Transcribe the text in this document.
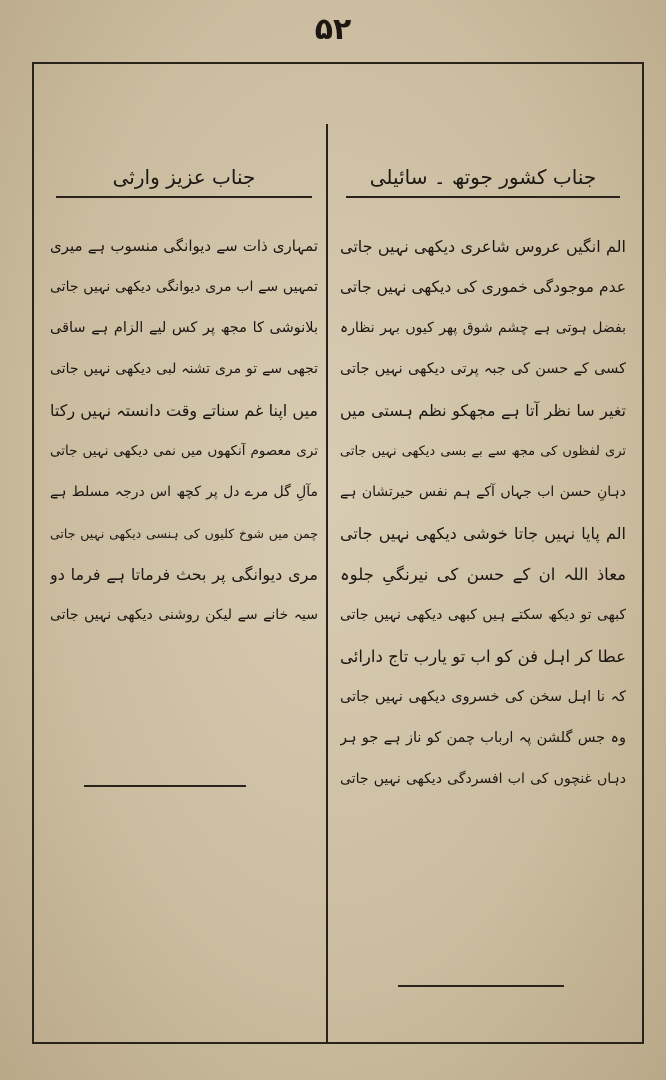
۵۲
جناب کشور جوتھ ۔ سائیلی
الم انگیں عروس شاعری دیکھی نہیں جاتی
عدم موجودگی خموری کی دیکھی نہیں جاتی
بفضل ہوتی ہے چشم شوق پھر کیوں بہر نظارہ
کسی کے حسن کی جبہ پرتی دیکھی نہیں جاتی
تغیر سا نظر آتا ہے مجھکو نظم ہستی میں
تری لفظوں کی مجھ سے بے بسی دیکھی نہیں جاتی
دہانِ حسن اب جہاں آکے ہم نفس حیرتشان ہے
الم پایا نہیں جاتا خوشی دیکھی نہیں جاتی
معاذ اللہ ان کے حسن کی نیرنگیِ جلوہ
کبھی تو دیکھ سکتے ہیں کبھی دیکھی نہیں جاتی
عطا کر اہل فن کو اب تو یارب تاج دارائی
کہ نا اہل سخن کی خسروی دیکھی نہیں جاتی
وہ جس گلشن پہ ارباب چمن کو ناز ہے جو ہر
دہاں غنچوں کی اب افسردگی دیکھی نہیں جاتی
جناب عزیز وارثی
تمہاری ذات سے دیوانگی منسوب ہے میری
تمہیں سے اب مری دیوانگی دیکھی نہیں جاتی
بلانوشی کا مجھ پر کس لیے الزام ہے ساقی
تجھی سے تو مری تشنہ لبی دیکھی نہیں جاتی
میں اپنا غم سناتے وقت دانستہ نہیں رکتا
تری معصوم آنکھوں میں نمی دیکھی نہیں جاتی
مآلِ گل مرے دل پر کچھ اس درجہ مسلط ہے
چمن میں شوخ کلیوں کی ہنسی دیکھی نہیں جاتی
مری دیوانگی پر بحث فرماتا ہے فرما دو
سیہ خانے سے لیکن روشنی دیکھی نہیں جاتی
